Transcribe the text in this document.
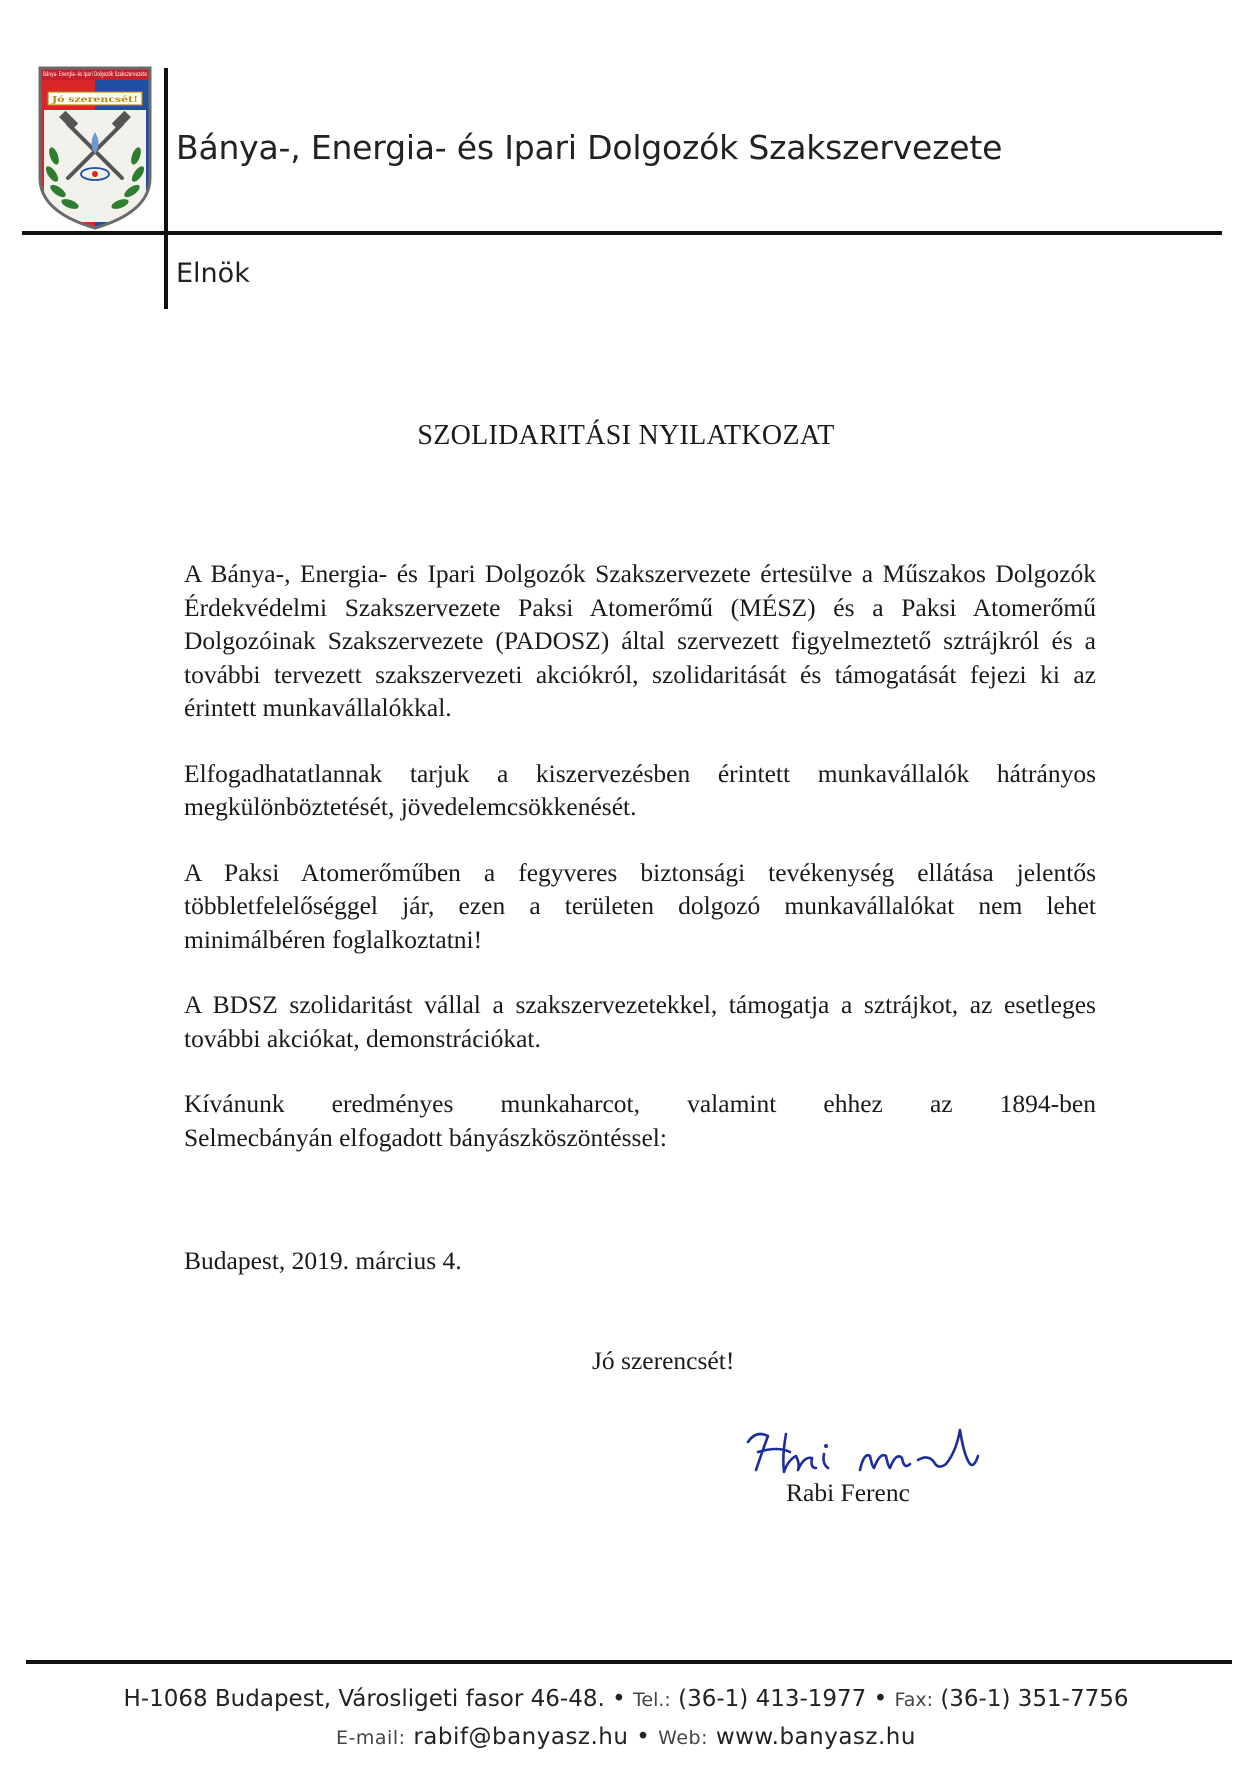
Bánya- Energia- és Ipari Dolgozók Szakszervezete
Jó szerencsét!
Bánya-, Energia- és Ipari Dolgozók Szakszervezete
Elnök
SZOLIDARITÁSI NYILATKOZAT

A Bánya-, Energia- és Ipari Dolgozók Szakszervezete értesülve a Műszakos Dolgozók Érdekvédelmi Szakszervezete Paksi Atomerőmű (MÉSZ) és a Paksi Atomerőmű Dolgozóinak Szakszervezete (PADOSZ) által szervezett figyelmeztető sztrájkról és a további tervezett szakszervezeti akciókról, szolidaritását és támogatását fejezi ki az érintett munkavállalókkal.

Elfogadhatatlannak tarjuk a kiszervezésben érintett munkavállalók hátrányos megkülönböztetését, jövedelemcsökkenését.

A Paksi Atomerőműben a fegyveres biztonsági tevékenység ellátása jelentős többletfelelőséggel jár, ezen a területen dolgozó munkavállalókat nem lehet minimálbéren foglalkoztatni!

A BDSZ szolidaritást vállal a szakszervezetekkel, támogatja a sztrájkot, az esetleges további akciókat, demonstrációkat.

Kívánunk eredményes munkaharcot, valamint ehhez az 1894-ben

Selmecbányán elfogadott bányászköszöntéssel:

Budapest, 2019. március 4.
Jó szerencsét!
Rabi Ferenc
H-1068 Budapest, Városligeti fasor 46-48. • Tel.: (36-1) 413-1977 • Fax: (36-1) 351-7756
E-mail: rabif@banyasz.hu • Web: www.banyasz.hu
